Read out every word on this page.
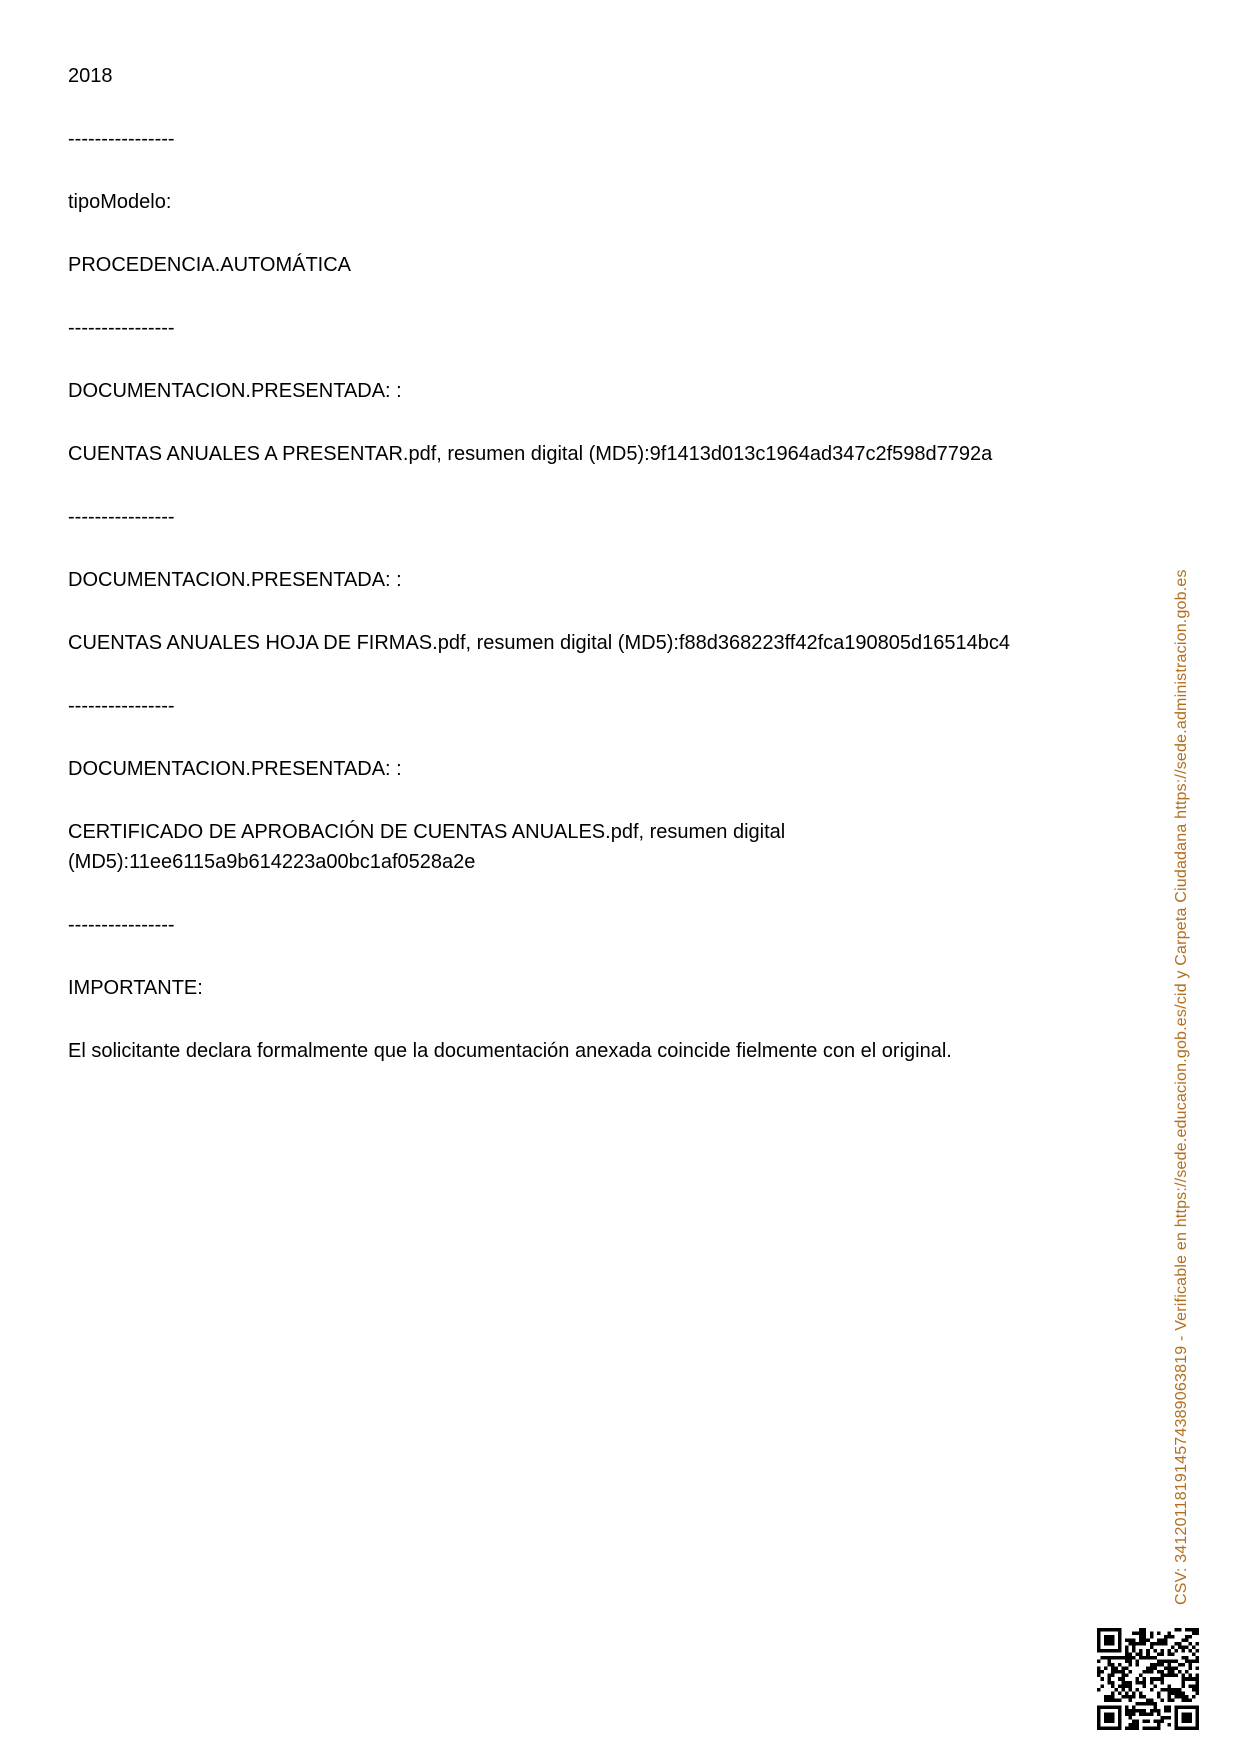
2018

----------------

tipoModelo:

PROCEDENCIA.AUTOMÁTICA

----------------

DOCUMENTACION.PRESENTADA: :

CUENTAS ANUALES A PRESENTAR.pdf, resumen digital (MD5):9f1413d013c1964ad347c2f598d7792a

----------------

DOCUMENTACION.PRESENTADA: :

CUENTAS ANUALES HOJA DE FIRMAS.pdf, resumen digital (MD5):f88d368223ff42fca190805d16514bc4

----------------

DOCUMENTACION.PRESENTADA: :

CERTIFICADO DE APROBACIÓN DE CUENTAS ANUALES.pdf, resumen digital (MD5):11ee6115a9b614223a00bc1af0528a2e

----------------

IMPORTANTE:

El solicitante declara formalmente que la documentación anexada coincide fielmente con el original.	CSV: 341201181914574389063819 - Verificable en https://sede.educacion.gob.es/cid y Carpeta Ciudadana https://sede.administracion.gob.es
